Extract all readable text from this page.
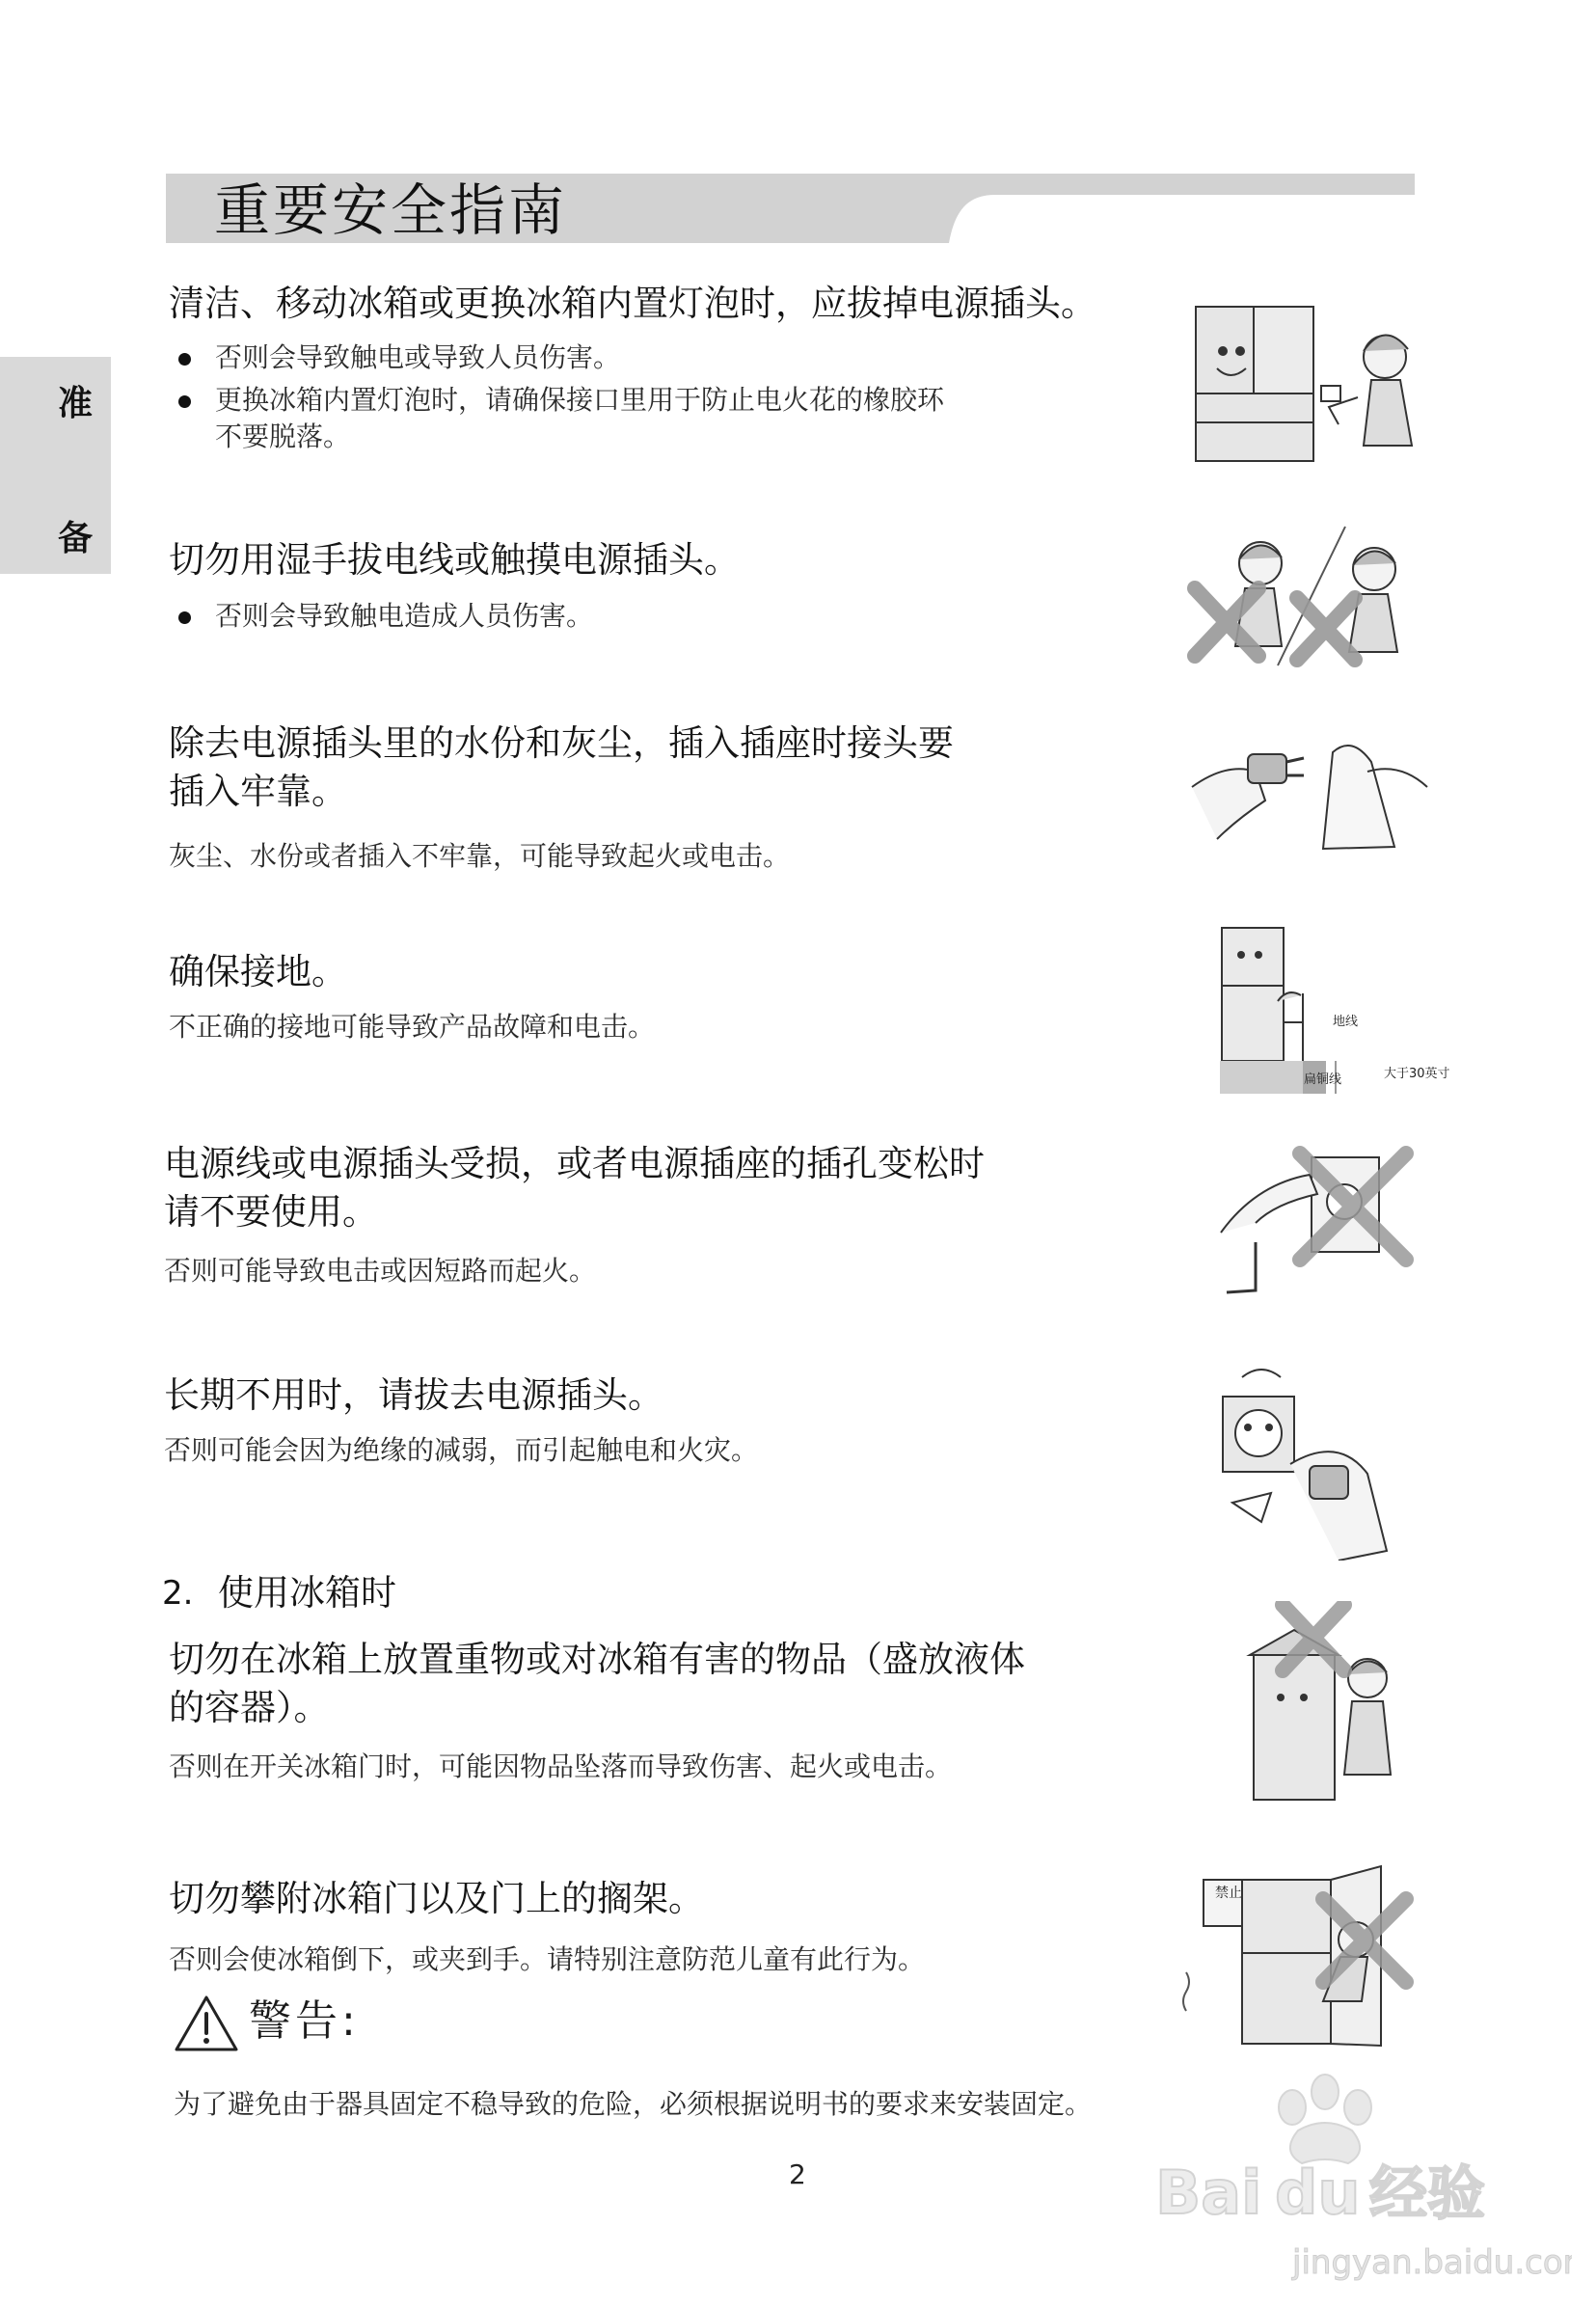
重要安全指南
准
备
清洁、移动冰箱或更换冰箱内置灯泡时，应拔掉电源插头。
否则会导致触电或导致人员伤害。
更换冰箱内置灯泡时，请确保接口里用于防止电火花的橡胶环
不要脱落。
切勿用湿手拔电线或触摸电源插头。
否则会导致触电造成人员伤害。
除去电源插头里的水份和灰尘，插入插座时接头要
插入牢靠。
灰尘、水份或者插入不牢靠，可能导致起火或电击。
确保接地。
不正确的接地可能导致产品故障和电击。	地线
扁铜线	大于30英寸
电源线或电源插头受损，或者电源插座的插孔变松时
请不要使用。
否则可能导致电击或因短路而起火。
长期不用时，请拔去电源插头。
否则可能会因为绝缘的减弱，而引起触电和火灾。
2. 使用冰箱时
切勿在冰箱上放置重物或对冰箱有害的物品（盛放液体
的容器）。
否则在开关冰箱门时，可能因物品坠落而导致伤害、起火或电击。
切勿攀附冰箱门以及门上的搁架。
否则会使冰箱倒下，或夹到手。请特别注意防范儿童有此行为。
禁止
警告:
为了避免由于器具固定不稳导致的危险，必须根据说明书的要求来安装固定。
2	Bai du 经验
jingyan.baidu.com
